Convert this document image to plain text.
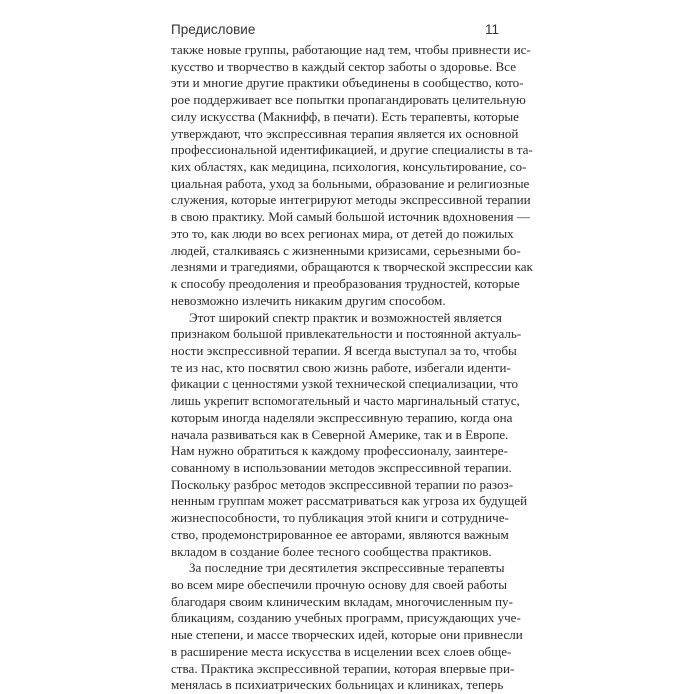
Предисловие	11
также новые группы, работающие над тем, чтобы привнести ис-
кусство и творчество в каждый сектор заботы о здоровье. Все
эти и многие другие практики объединены в сообщество, кото-
рое поддерживает все попытки пропагандировать целительную
силу искусства (Макнифф, в печати). Есть терапевты, которые
утверждают, что экспрессивная терапия является их основной
профессиональной идентификацией, и другие специалисты в та-
ких областях, как медицина, психология, консультирование, со-
циальная работа, уход за больными, образование и религиозные
служения, которые интегрируют методы экспрессивной терапии
в свою практику. Мой самый большой источник вдохновения —
это то, как люди во всех регионах мира, от детей до пожилых
людей, сталкиваясь с жизненными кризисами, серьезными бо-
лезнями и трагедиями, обращаются к творческой экспрессии как
к способу преодоления и преобразования трудностей, которые
невозможно излечить никаким другим способом.
Этот широкий спектр практик и возможностей является
признаком большой привлекательности и постоянной актуаль-
ности экспрессивной терапии. Я всегда выступал за то, чтобы
те из нас, кто посвятил свою жизнь работе, избегали иденти-
фикации с ценностями узкой технической специализации, что
лишь укрепит вспомогательный и часто маргинальный статус,
которым иногда наделяли экспрессивную терапию, когда она
начала развиваться как в Северной Америке, так и в Европе.
Нам нужно обратиться к каждому профессионалу, заинтере-
сованному в использовании методов экспрессивной терапии.
Поскольку разброс методов экспрессивной терапии по разоз-
ненным группам может рассматриваться как угроза их будущей
жизнеспособности, то публикация этой книги и сотрудниче-
ство, продемонстрированное ее авторами, являются важным
вкладом в создание более тесного сообщества практиков.
За последние три десятилетия экспрессивные терапевты
во всем мире обеспечили прочную основу для своей работы
благодаря своим клиническим вкладам, многочисленным пу-
бликациям, созданию учебных программ, присуждающих уче-
ные степени, и массе творческих идей, которые они привнесли
в расширение места искусства в исцелении всех слоев обще-
ства. Практика экспрессивной терапии, которая впервые при-
менялась в психиатрических больницах и клиниках, теперь
